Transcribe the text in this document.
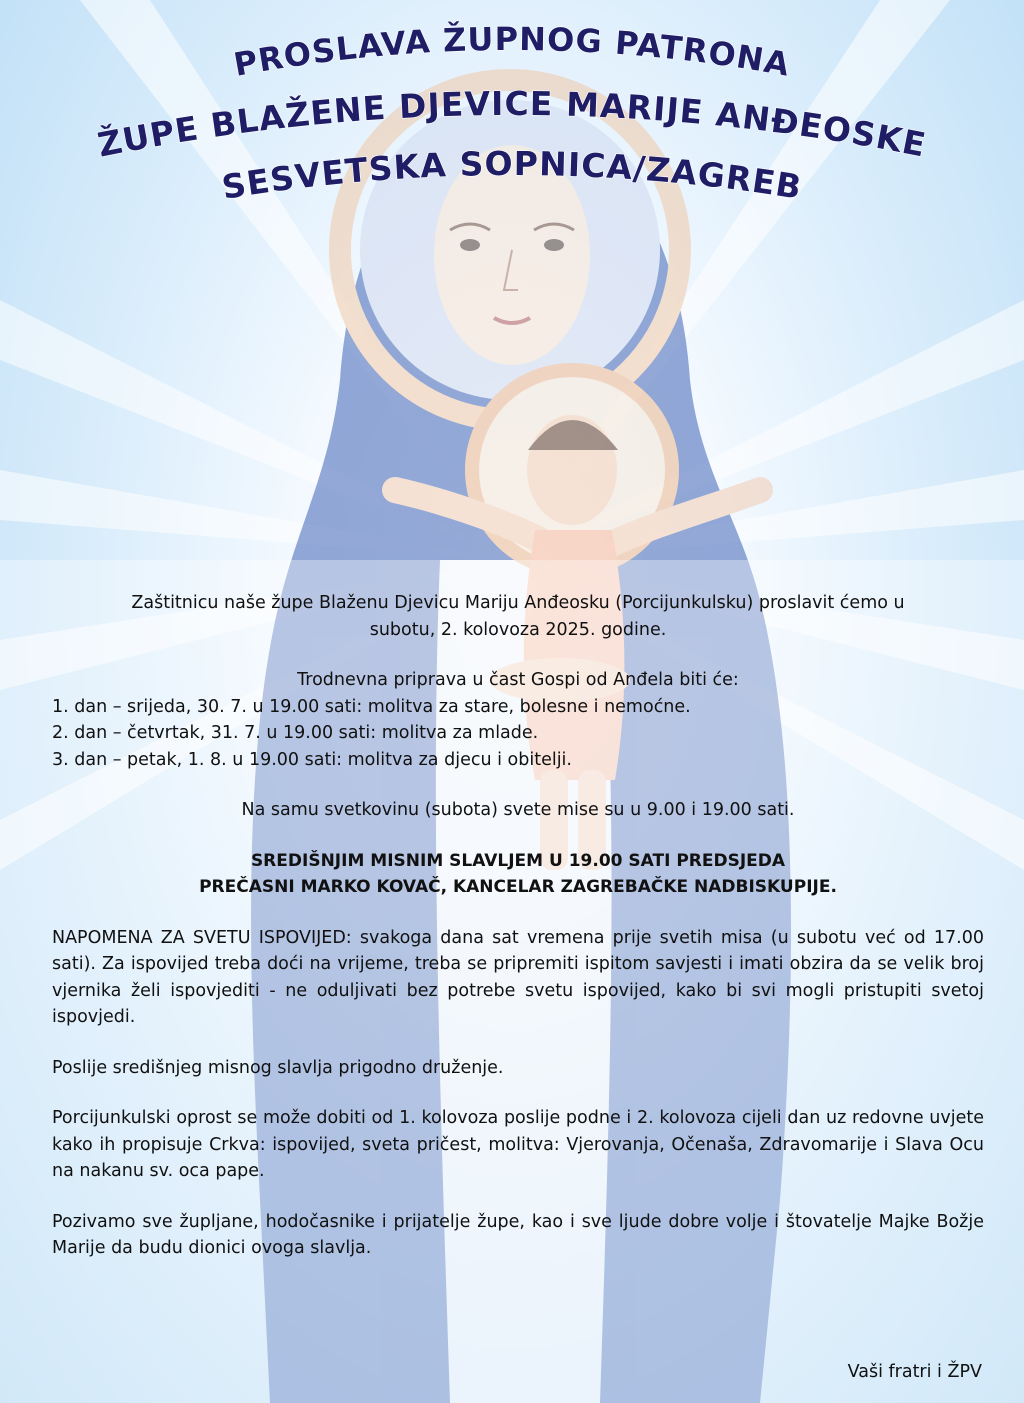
PROSLAVA ŽUPNOG PATRONA
ŽUPE BLAŽENE DJEVICE MARIJE ANĐEOSKE
SESVETSKA SOPNICA/ZAGREB
Zaštitnicu naše župe Blaženu Djevicu Mariju Anđeosku (Porcijunkulsku) proslavit ćemo u
subotu, 2. kolovoza 2025. godine.
Trodnevna priprava u čast Gospi od Anđela biti će:
1. dan – srijeda, 30. 7. u 19.00 sati: molitva za stare, bolesne i nemoćne.
2. dan – četvrtak, 31. 7. u 19.00 sati: molitva za mlade.
3. dan – petak, 1. 8. u 19.00 sati: molitva za djecu i obitelji.
Na samu svetkovinu (subota) svete mise su u 9.00 i 19.00 sati.
SREDIŠNJIM MISNIM SLAVLJEM U 19.00 SATI PREDSJEDA
PREČASNI MARKO KOVAČ, KANCELAR ZAGREBAČKE NADBISKUPIJE.
NAPOMENA ZA SVETU ISPOVIJED: svakoga dana sat vremena prije svetih misa (u subotu već od 17.00 sati). Za ispovijed treba doći na vrijeme, treba se pripremiti ispitom savjesti i imati obzira da se velik broj vjernika želi ispovjediti - ne odulјivati bez potrebe svetu ispovijed, kako bi svi mogli pristupiti svetoj ispovjedi.
Poslije središnjeg misnog slavlja prigodno druženje.
Porcijunkulski oprost se može dobiti od 1. kolovoza poslije podne i 2. kolovoza cijeli dan uz redovne uvjete kako ih propisuje Crkva: ispovijed, sveta pričest, molitva: Vjerovanja, Očenaša, Zdravomarije i Slava Ocu na nakanu sv. oca pape.
Pozivamo sve župljane, hodočasnike i prijatelje župe, kao i sve ljude dobre volje i štovatelje Majke Božje Marije da budu dionici ovoga slavlja.
Vaši fratri i ŽPV
